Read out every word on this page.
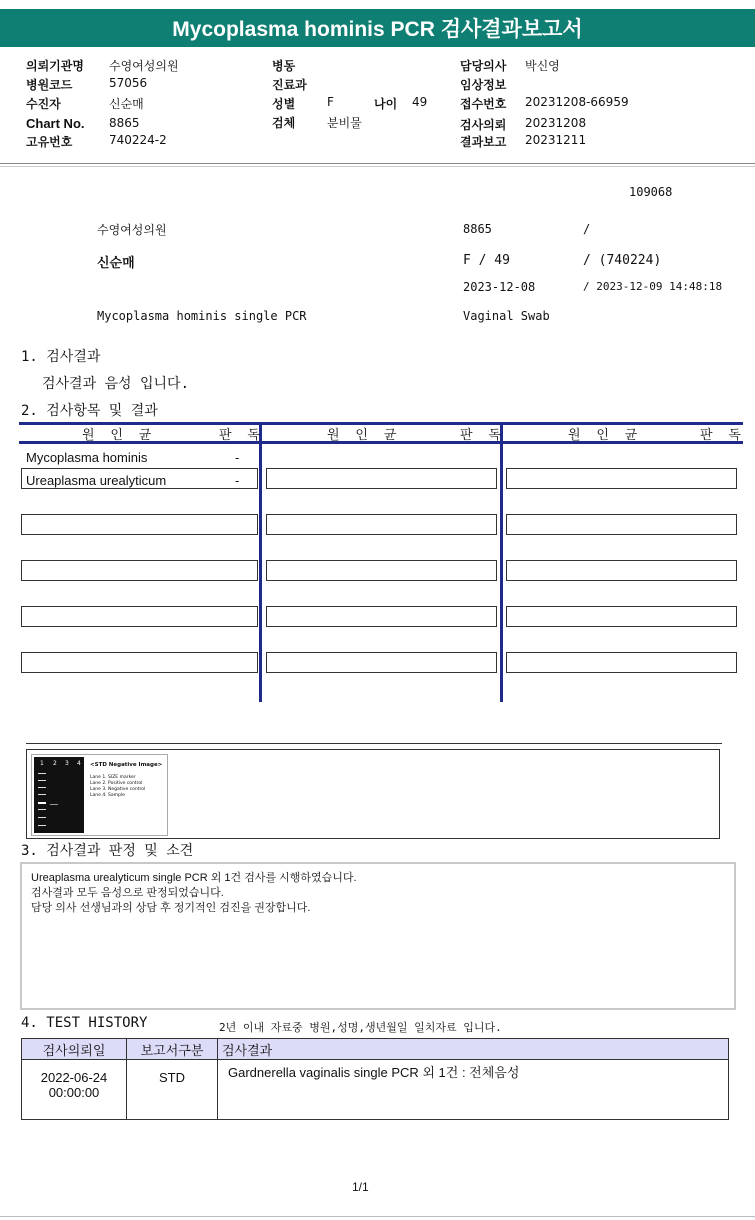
Mycoplasma hominis PCR 검사결과보고서
의뢰기관명 수영여성의원
병원코드	57056
수진자	신순매
Chart No. 8865
고유번호	740224-2
병동
진료과
성별	F	나이 49
검체	분비물
담당의사 박신영
임상정보
접수번호 20231208-66959
검사의뢰 20231208
결과보고 20231211
109068
수영여성의원	8865	/
신순매	F / 49	/ (740224)
2023-12-08	/ 2023-12-09 14:48:18
Mycoplasma hominis single PCR	Vaginal Swab
1. 검사결과
검사결과 음성 입니다.
2. 검사항목 및 결과
원 인 균	판 독	원 인 균	판 독	원 인 균	판 독
Mycoplasma hominis	-
Ureaplasma urealyticum	-
1 2 3 4 <STD Negative Image>
Lane 1. SIZE marker
Lane 2. Positive control
Lane 3. Negative control
Lane 4. Sample
3. 검사결과 판정 및 소견
Ureaplasma urealyticum single PCR 외 1건 검사를 시행하였습니다.
검사결과 모두 음성으로 판정되었습니다.
담당 의사 선생님과의 상담 후 정기적인 검진을 권장합니다.
4. TEST HISTORY	2년 이내 자료중 병원,성명,생년월일 일치자료 입니다.
검사의뢰일	보고서구분	검사결과

2022-06-24
00:00:00	STD	Gardnerella vaginalis single PCR 외 1건 : 전체음성
1/1
